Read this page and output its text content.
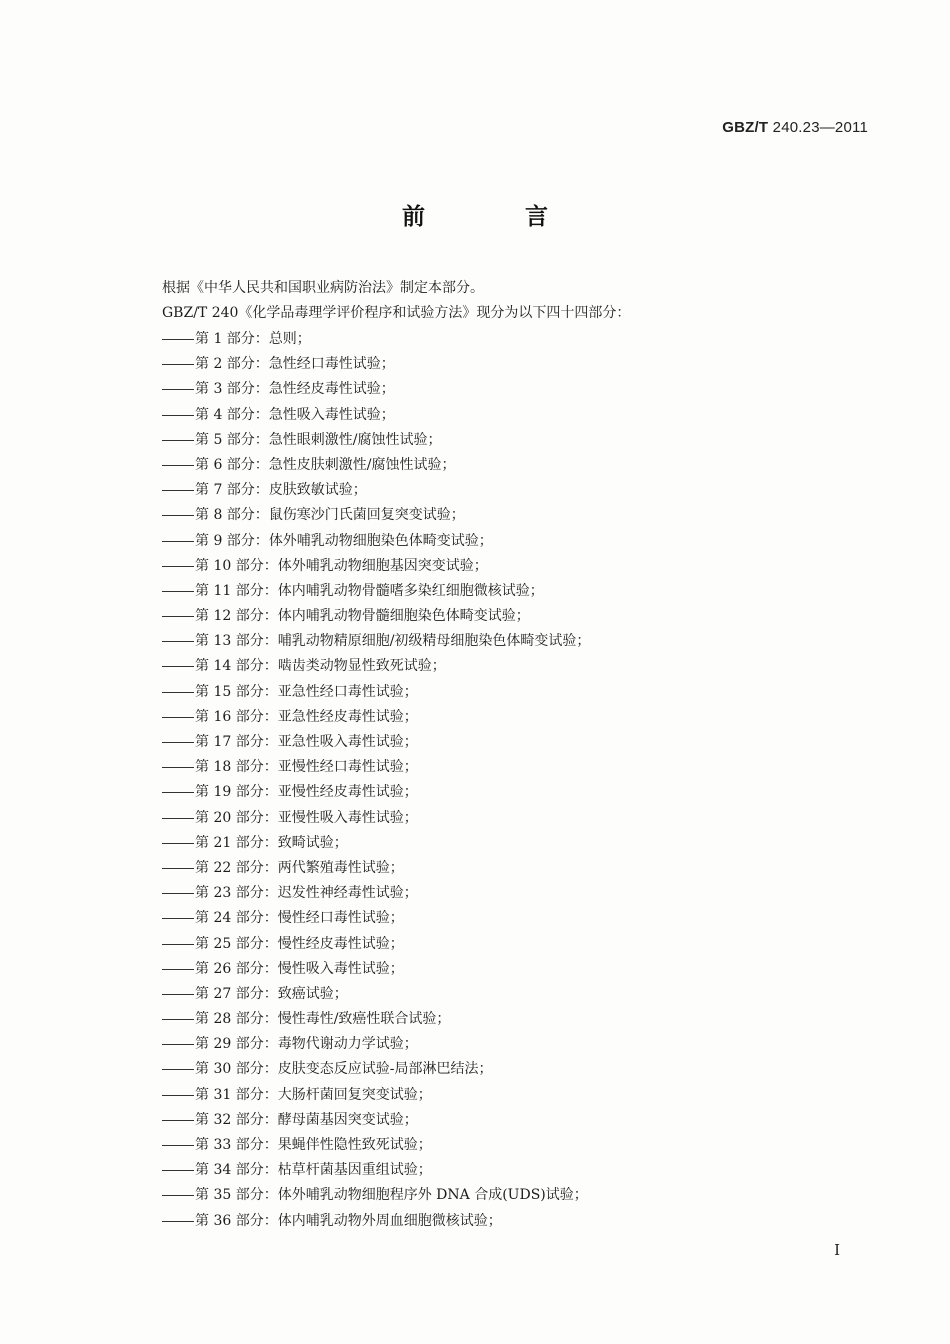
GBZ/T 240.23—2011
前 言
根据《中华人民共和国职业病防治法》制定本部分。
GBZ/T 240《化学品毒理学评价程序和试验方法》现分为以下四十四部分：
第 1 部分： 总则；
第 2 部分： 急性经口毒性试验；
第 3 部分： 急性经皮毒性试验；
第 4 部分： 急性吸入毒性试验；
第 5 部分： 急性眼刺激性/腐蚀性试验；
第 6 部分： 急性皮肤刺激性/腐蚀性试验；
第 7 部分： 皮肤致敏试验；
第 8 部分： 鼠伤寒沙门氏菌回复突变试验；
第 9 部分： 体外哺乳动物细胞染色体畸变试验；
第 10 部分： 体外哺乳动物细胞基因突变试验；
第 11 部分： 体内哺乳动物骨髓嗜多染红细胞微核试验；
第 12 部分： 体内哺乳动物骨髓细胞染色体畸变试验；
第 13 部分： 哺乳动物精原细胞/初级精母细胞染色体畸变试验；
第 14 部分： 啮齿类动物显性致死试验；
第 15 部分： 亚急性经口毒性试验；
第 16 部分： 亚急性经皮毒性试验；
第 17 部分： 亚急性吸入毒性试验；
第 18 部分： 亚慢性经口毒性试验；
第 19 部分： 亚慢性经皮毒性试验；
第 20 部分： 亚慢性吸入毒性试验；
第 21 部分： 致畸试验；
第 22 部分： 两代繁殖毒性试验；
第 23 部分： 迟发性神经毒性试验；
第 24 部分： 慢性经口毒性试验；
第 25 部分： 慢性经皮毒性试验；
第 26 部分： 慢性吸入毒性试验；
第 27 部分： 致癌试验；
第 28 部分： 慢性毒性/致癌性联合试验；
第 29 部分： 毒物代谢动力学试验；
第 30 部分： 皮肤变态反应试验-局部淋巴结法；
第 31 部分： 大肠杆菌回复突变试验；
第 32 部分： 酵母菌基因突变试验；
第 33 部分： 果蝇伴性隐性致死试验；
第 34 部分： 枯草杆菌基因重组试验；
第 35 部分： 体外哺乳动物细胞程序外 DNA 合成(UDS)试验；
第 36 部分： 体内哺乳动物外周血细胞微核试验；
I
